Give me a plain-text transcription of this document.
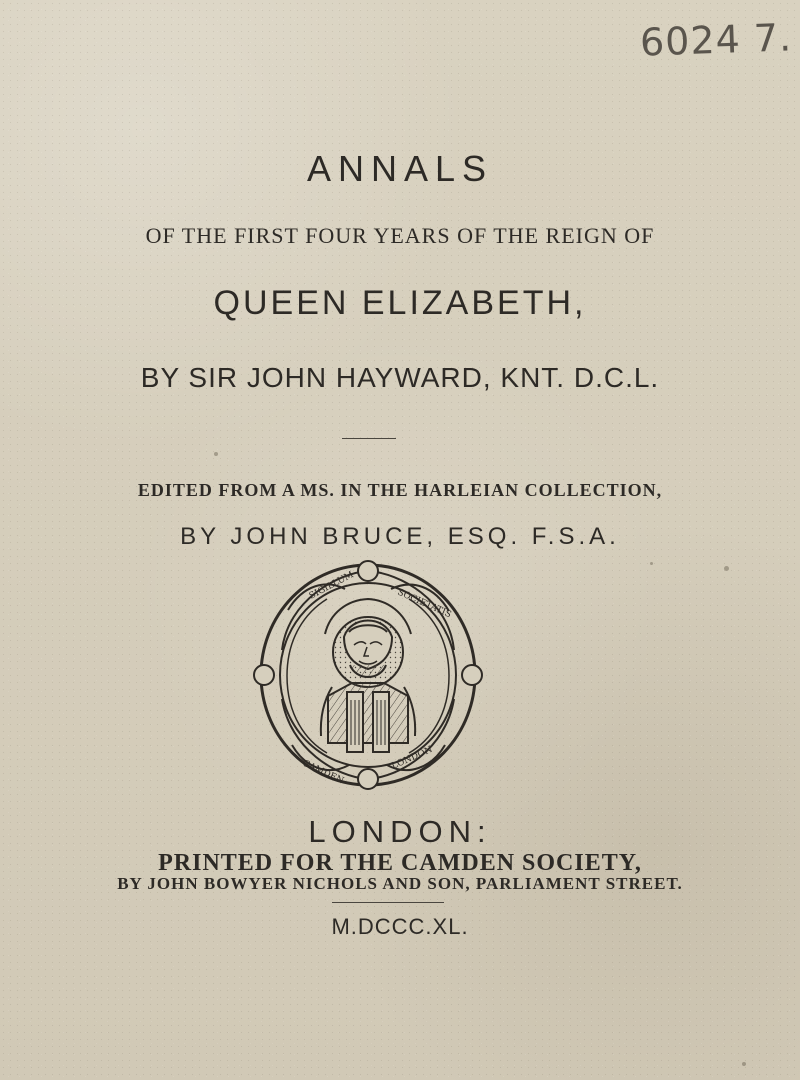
6024 7.
ANNALS
OF THE FIRST FOUR YEARS OF THE REIGN OF
QUEEN ELIZABETH,
BY SIR JOHN HAYWARD, KNT. D.C.L.
EDITED FROM A MS. IN THE HARLEIAN COLLECTION,
BY JOHN BRUCE, ESQ. F.S.A.
SIGILLUM
SOCIETATIS
CAMDEN
LONDON
LONDON:
PRINTED FOR THE CAMDEN SOCIETY,
BY JOHN BOWYER NICHOLS AND SON, PARLIAMENT STREET.
M.DCCC.XL.
